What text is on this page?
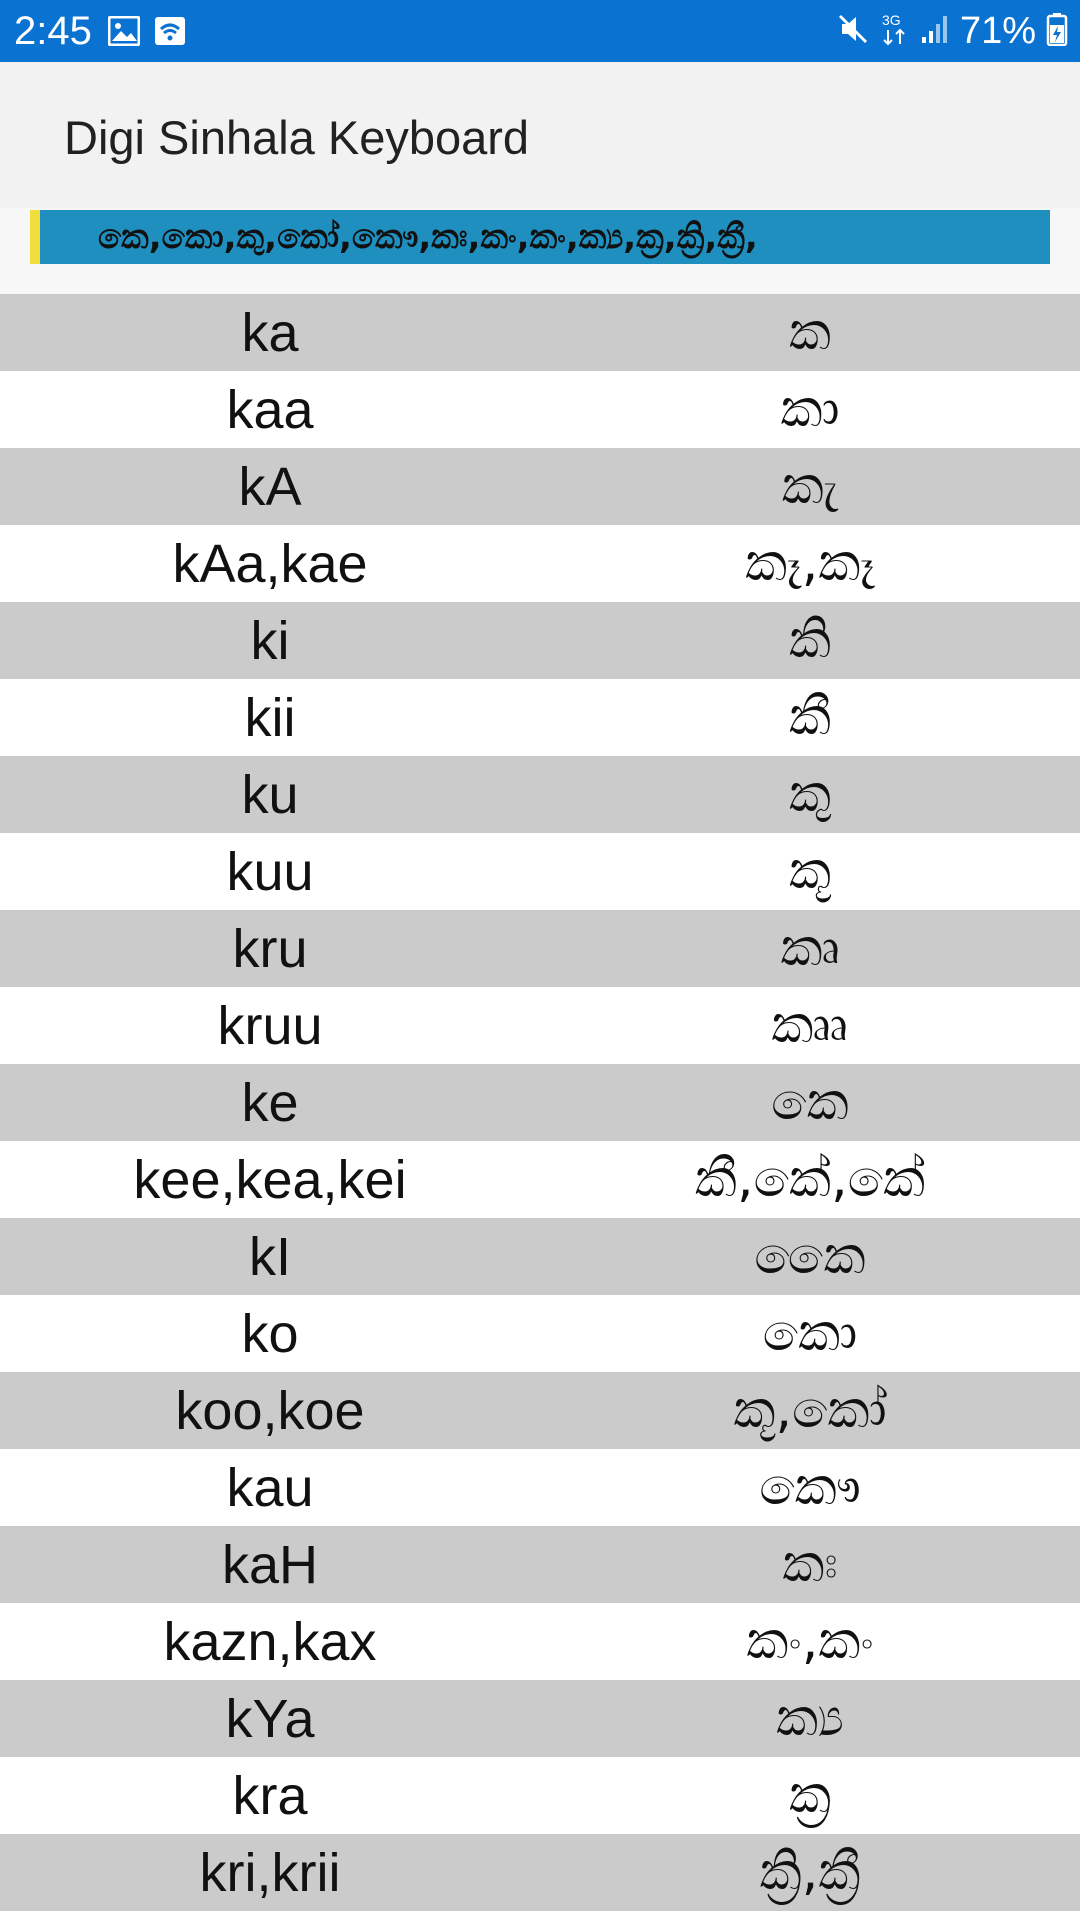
2:45	3G 71%
Digi Sinhala Keyboard
කෙ,කො,කු,කෝ,කෞ,කඃ,කං,කං,ක්‍ය,ක්‍ර,ක්‍රි,ක්‍රී,
ka	ක
kaa	කා
kA	කැ
kAa,kae	කෑ,කෑ
ki	කි
kii	කී
ku	කු
kuu	කූ
kru	කෘ
kruu	කෲ
ke	කෙ
kee,kea,kei	කී,කේ,කේ
kI	කෛ
ko	කො
koo,koe	කූ,කෝ
kau	කෞ
kaH	කඃ
kazn,kax	කං,කං
kYa	ක්‍ය
kra	ක්‍ර
kri,krii	ක්‍රි,ක්‍රී
